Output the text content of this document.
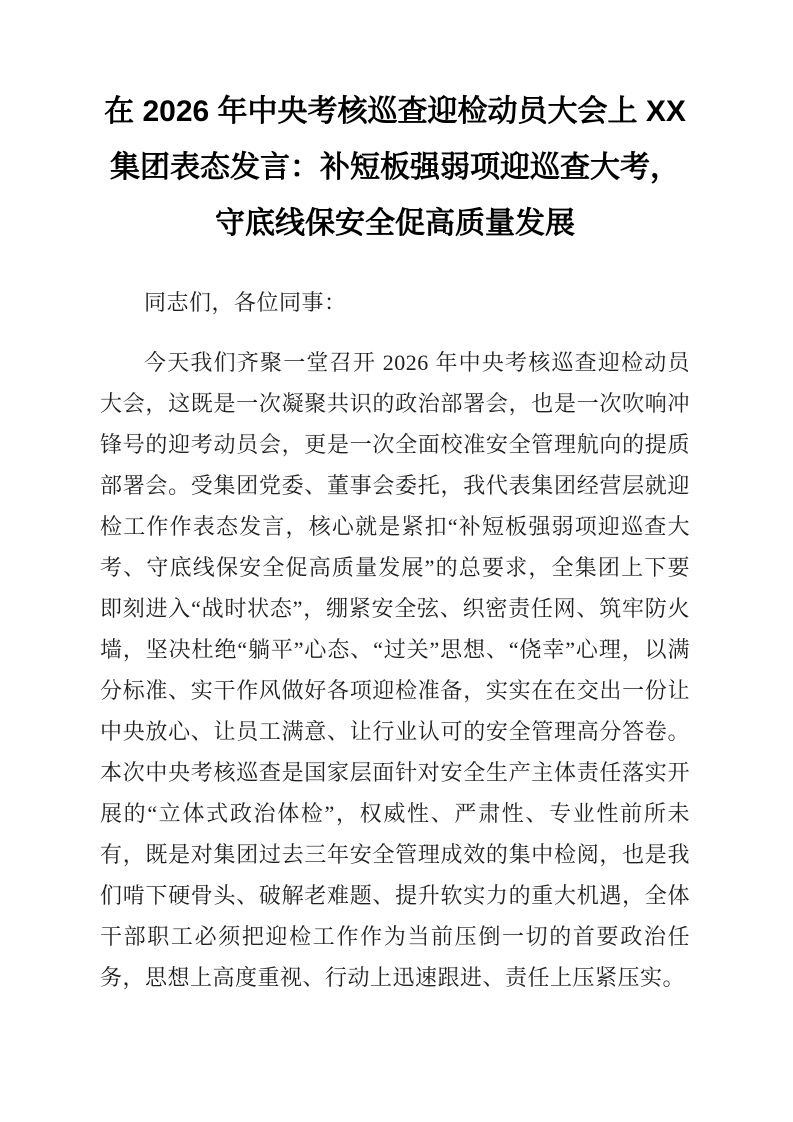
在 2026 年中央考核巡查迎检动员大会上 XX
集团表态发言：补短板强弱项迎巡查大考，
守底线保安全促高质量发展

同志们，各位同事：

今天我们齐聚一堂召开 2026 年中央考核巡查迎检动员大会，这既是一次凝聚共识的政治部署会，也是一次吹响冲锋号的迎考动员会，更是一次全面校准安全管理航向的提质部署会。受集团党委、董事会委托，我代表集团经营层就迎检工作作表态发言，核心就是紧扣“补短板强弱项迎巡查大考、守底线保安全促高质量发展”的总要求，全集团上下要即刻进入“战时状态”，绷紧安全弦、织密责任网、筑牢防火墙，坚决杜绝“躺平”心态、“过关”思想、“侥幸”心理，以满分标准、实干作风做好各项迎检准备，实实在在交出一份让中央放心、让员工满意、让行业认可的安全管理高分答卷。本次中央考核巡查是国家层面针对安全生产主体责任落实开展的“立体式政治体检”，权威性、严肃性、专业性前所未有，既是对集团过去三年安全管理成效的集中检阅，也是我们啃下硬骨头、破解老难题、提升软实力的重大机遇，全体干部职工必须把迎检工作作为当前压倒一切的首要政治任务，思想上高度重视、行动上迅速跟进、责任上压紧压实。
